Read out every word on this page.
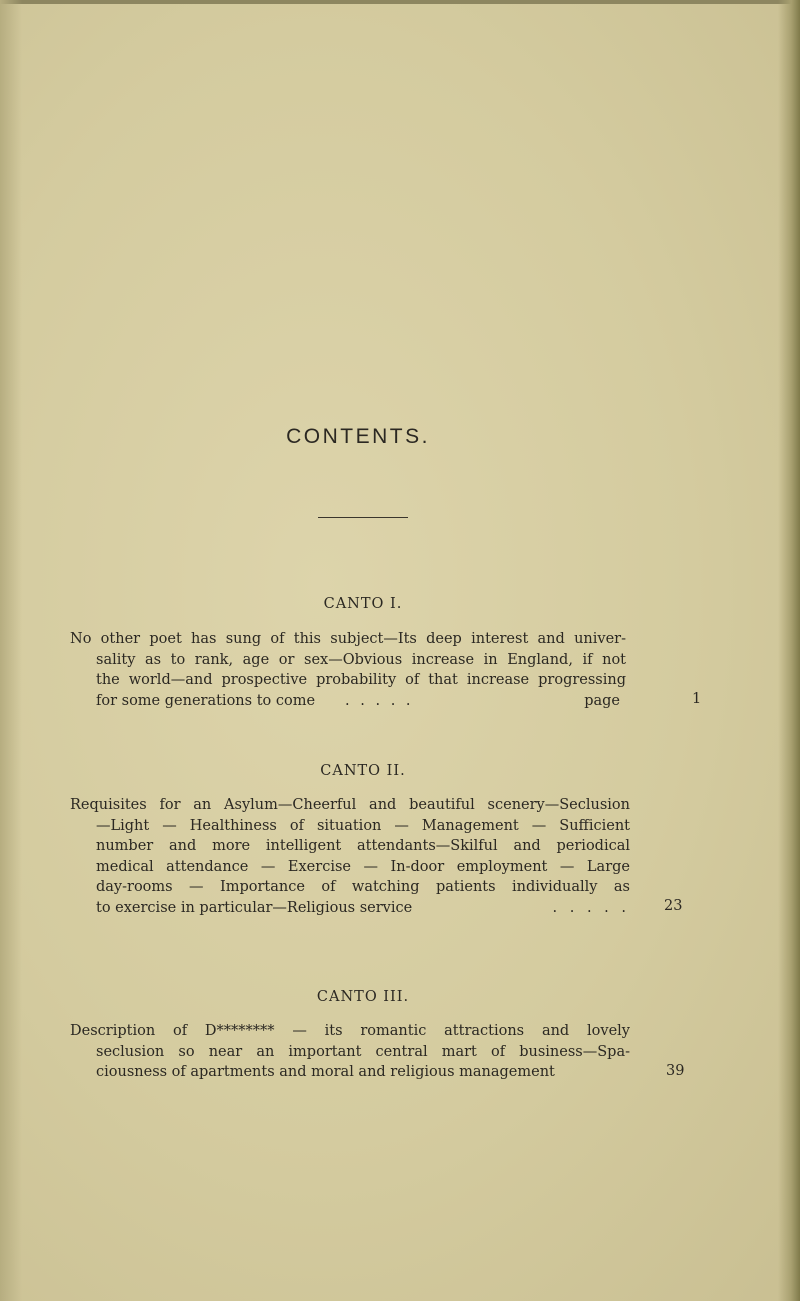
CONTENTS.
CANTO I.
No other poet has sung of this subject—Its deep interest and univer-
sality as to rank, age or sex—Obvious increase in England, if not
the world—and prospective probability of that increase progressing
for some generations to come . . . . .	page	1
CANTO II.
Requisites for an Asylum—Cheerful and beautiful scenery—Seclusion
—Light — Healthiness of situation — Management — Sufficient
number and more intelligent attendants—Skilful and periodical
medical attendance — Exercise — In-door employment — Large
day-rooms — Importance of watching patients individually as
to exercise in particular—Religious service	. . . . . 23
CANTO III.
Description of D******** — its romantic attractions and lovely
seclusion so near an important central mart of business—Spa-
ciousness of apartments and moral and religious management	39
